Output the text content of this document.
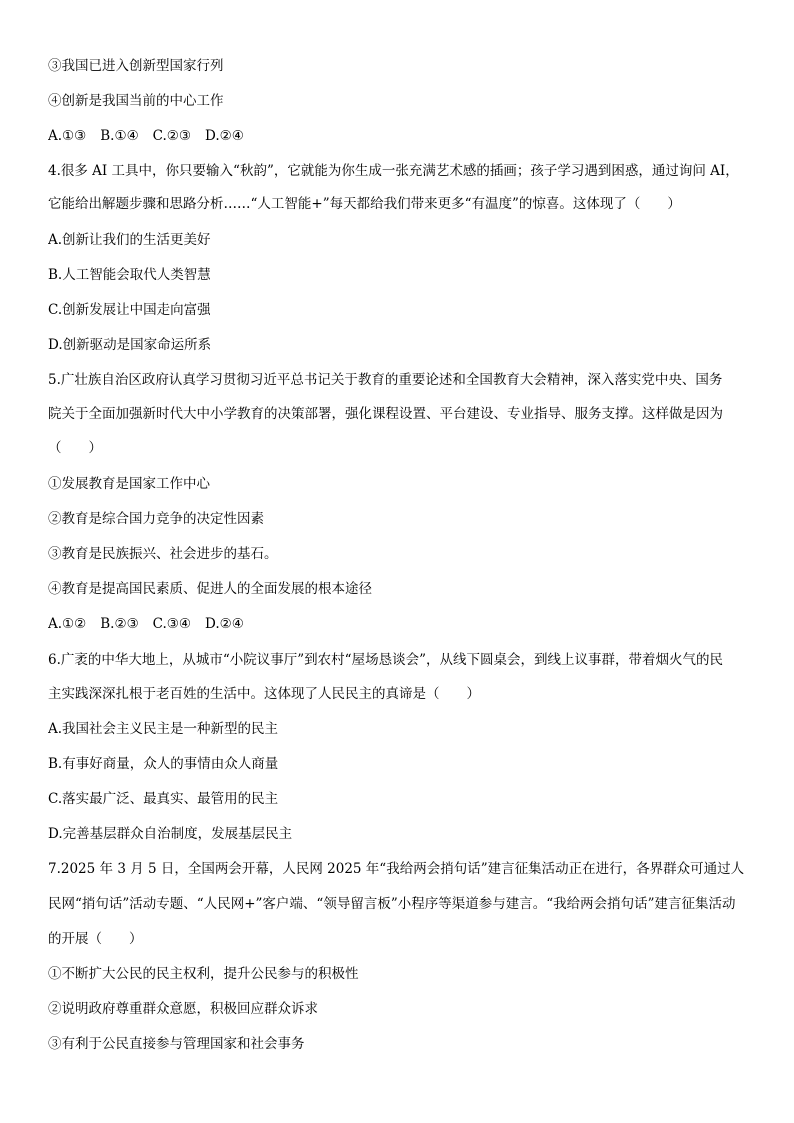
③我国已进入创新型国家行列
④创新是我国当前的中心工作
A.①③ B.①④ C.②③ D.②④
4.很多 AI 工具中，你只要输入“秋韵”，它就能为你生成一张充满艺术感的插画；孩子学习遇到困惑，通过询问 AI，
它能给出解题步骤和思路分析……“人工智能+”每天都给我们带来更多“有温度”的惊喜。这体现了（　　）
A.创新让我们的生活更美好
B.人工智能会取代人类智慧
C.创新发展让中国走向富强
D.创新驱动是国家命运所系
5.广壮族自治区政府认真学习贯彻习近平总书记关于教育的重要论述和全国教育大会精神，深入落实党中央、国务
院关于全面加强新时代大中小学教育的决策部署，强化课程设置、平台建设、专业指导、服务支撑。这样做是因为
（　　）
①发展教育是国家工作中心
②教育是综合国力竞争的决定性因素
③教育是民族振兴、社会进步的基石。
④教育是提高国民素质、促进人的全面发展的根本途径
A.①② B.②③ C.③④ D.②④
6.广袤的中华大地上，从城市“小院议事厅”到农村“屋场恳谈会”，从线下圆桌会，到线上议事群，带着烟火气的民
主实践深深扎根于老百姓的生活中。这体现了人民民主的真谛是（　　）
A.我国社会主义民主是一种新型的民主
B.有事好商量，众人的事情由众人商量
C.落实最广泛、最真实、最管用的民主
D.完善基层群众自治制度，发展基层民主
7.2025 年 3 月 5 日，全国两会开幕，人民网 2025 年“我给两会捎句话”建言征集活动正在进行，各界群众可通过人
民网“捎句话”活动专题、“人民网+”客户端、“领导留言板”小程序等渠道参与建言。“我给两会捎句话”建言征集活动
的开展（　　）
①不断扩大公民的民主权利，提升公民参与的积极性
②说明政府尊重群众意愿，积极回应群众诉求
③有利于公民直接参与管理国家和社会事务
